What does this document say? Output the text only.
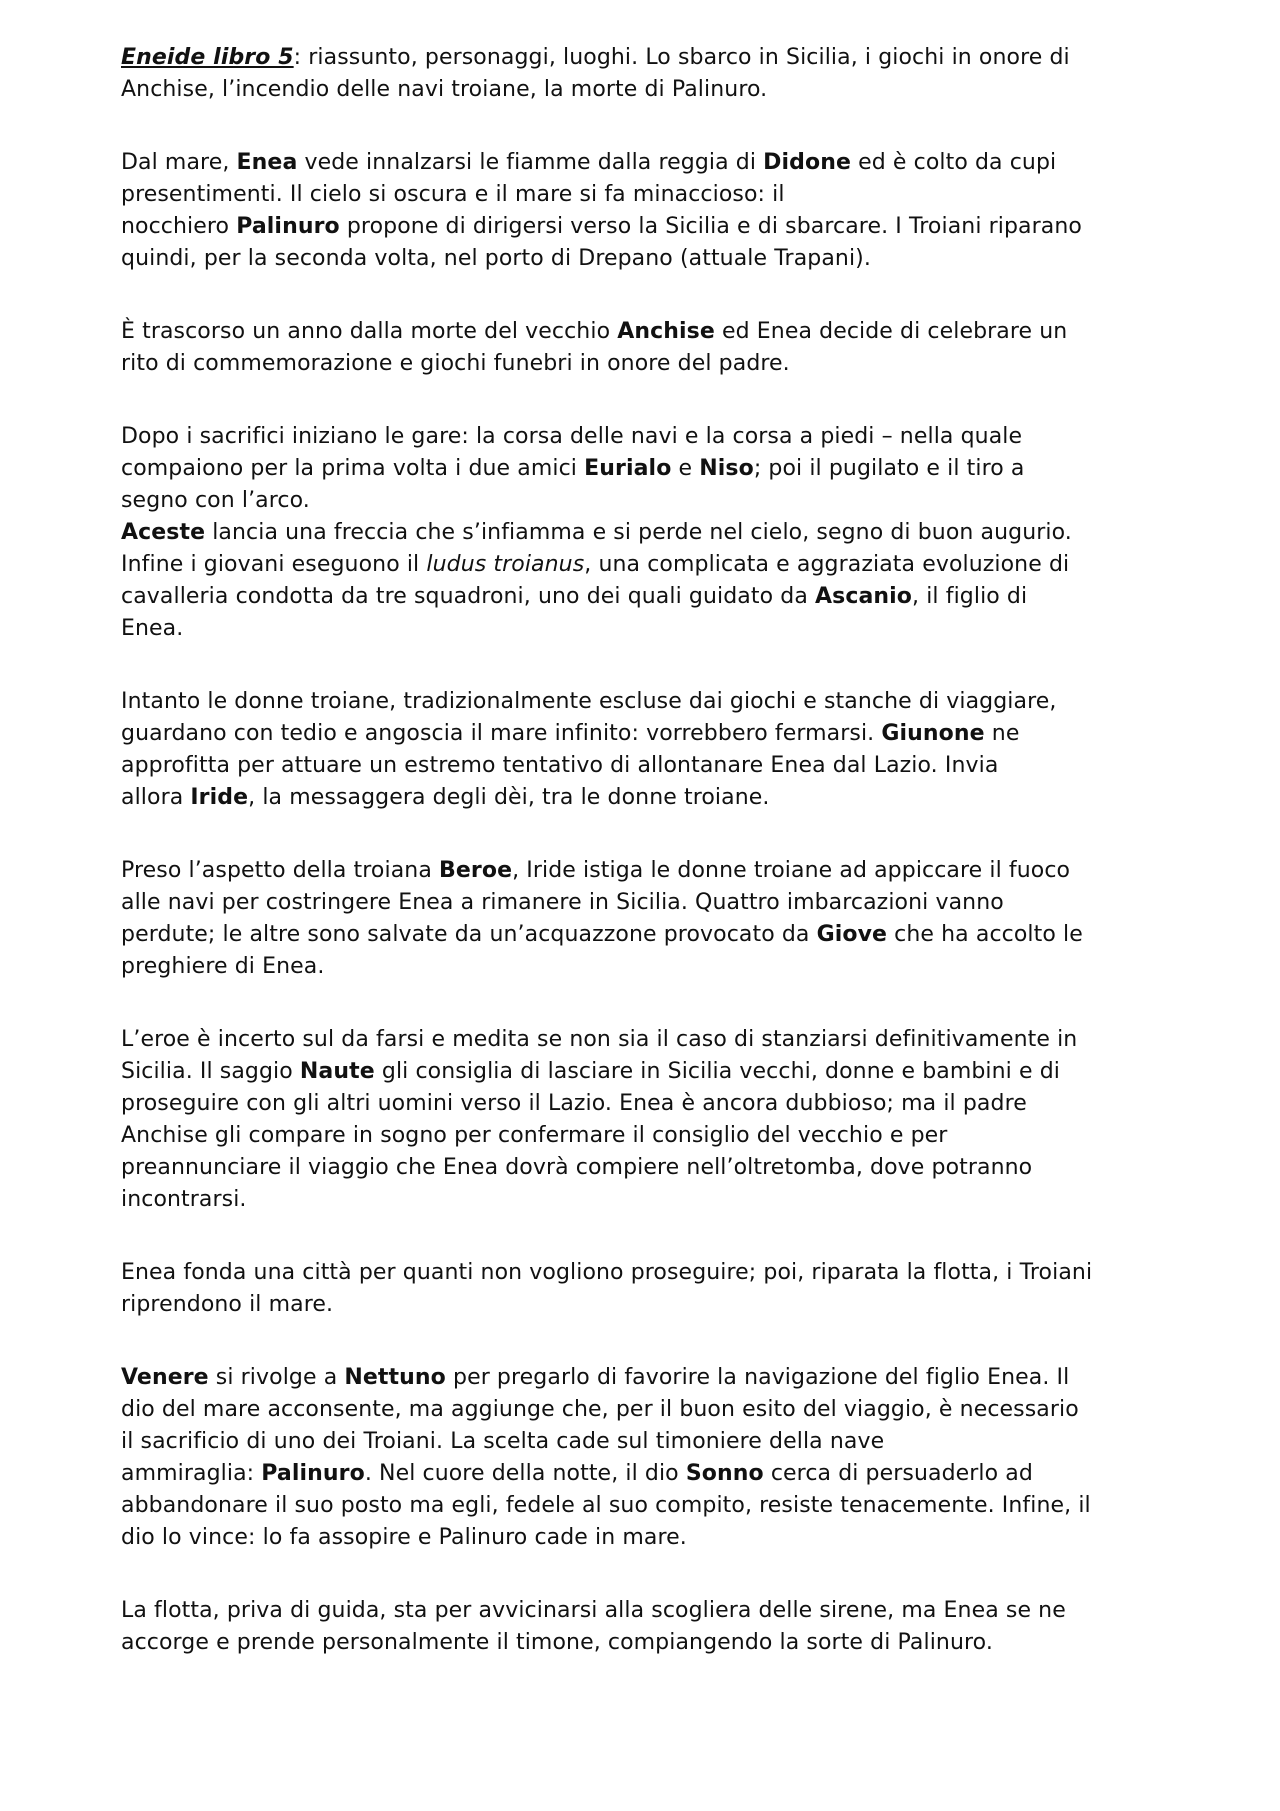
Eneide libro 5: riassunto, personaggi, luoghi. Lo sbarco in Sicilia, i giochi in onore di
Anchise, l’incendio delle navi troiane, la morte di Palinuro.
Dal mare, Enea vede innalzarsi le fiamme dalla reggia di Didone ed è colto da cupi
presentimenti. Il cielo si oscura e il mare si fa minaccioso: il
nocchiero Palinuro propone di dirigersi verso la Sicilia e di sbarcare. I Troiani riparano
quindi, per la seconda volta, nel porto di Drepano (attuale Trapani).
È trascorso un anno dalla morte del vecchio Anchise ed Enea decide di celebrare un
rito di commemorazione e giochi funebri in onore del padre.
Dopo i sacrifici iniziano le gare: la corsa delle navi e la corsa a piedi – nella quale
compaiono per la prima volta i due amici Eurialo e Niso; poi il pugilato e il tiro a
segno con l’arco.
Aceste lancia una freccia che s’infiamma e si perde nel cielo, segno di buon augurio.
Infine i giovani eseguono il ludus troianus, una complicata e aggraziata evoluzione di
cavalleria condotta da tre squadroni, uno dei quali guidato da Ascanio, il figlio di
Enea.
Intanto le donne troiane, tradizionalmente escluse dai giochi e stanche di viaggiare,
guardano con tedio e angoscia il mare infinito: vorrebbero fermarsi. Giunone ne
approfitta per attuare un estremo tentativo di allontanare Enea dal Lazio. Invia
allora Iride, la messaggera degli dèi, tra le donne troiane.
Preso l’aspetto della troiana Beroe, Iride istiga le donne troiane ad appiccare il fuoco
alle navi per costringere Enea a rimanere in Sicilia. Quattro imbarcazioni vanno
perdute; le altre sono salvate da un’acquazzone provocato da Giove che ha accolto le
preghiere di Enea.
L’eroe è incerto sul da farsi e medita se non sia il caso di stanziarsi definitivamente in
Sicilia. Il saggio Naute gli consiglia di lasciare in Sicilia vecchi, donne e bambini e di
proseguire con gli altri uomini verso il Lazio. Enea è ancora dubbioso; ma il padre
Anchise gli compare in sogno per confermare il consiglio del vecchio e per
preannunciare il viaggio che Enea dovrà compiere nell’oltretomba, dove potranno
incontrarsi.
Enea fonda una città per quanti non vogliono proseguire; poi, riparata la flotta, i Troiani
riprendono il mare.
Venere si rivolge a Nettuno per pregarlo di favorire la navigazione del figlio Enea. Il
dio del mare acconsente, ma aggiunge che, per il buon esito del viaggio, è necessario
il sacrificio di uno dei Troiani. La scelta cade sul timoniere della nave
ammiraglia: Palinuro. Nel cuore della notte, il dio Sonno cerca di persuaderlo ad
abbandonare il suo posto ma egli, fedele al suo compito, resiste tenacemente. Infine, il
dio lo vince: lo fa assopire e Palinuro cade in mare.
La flotta, priva di guida, sta per avvicinarsi alla scogliera delle sirene, ma Enea se ne
accorge e prende personalmente il timone, compiangendo la sorte di Palinuro.
